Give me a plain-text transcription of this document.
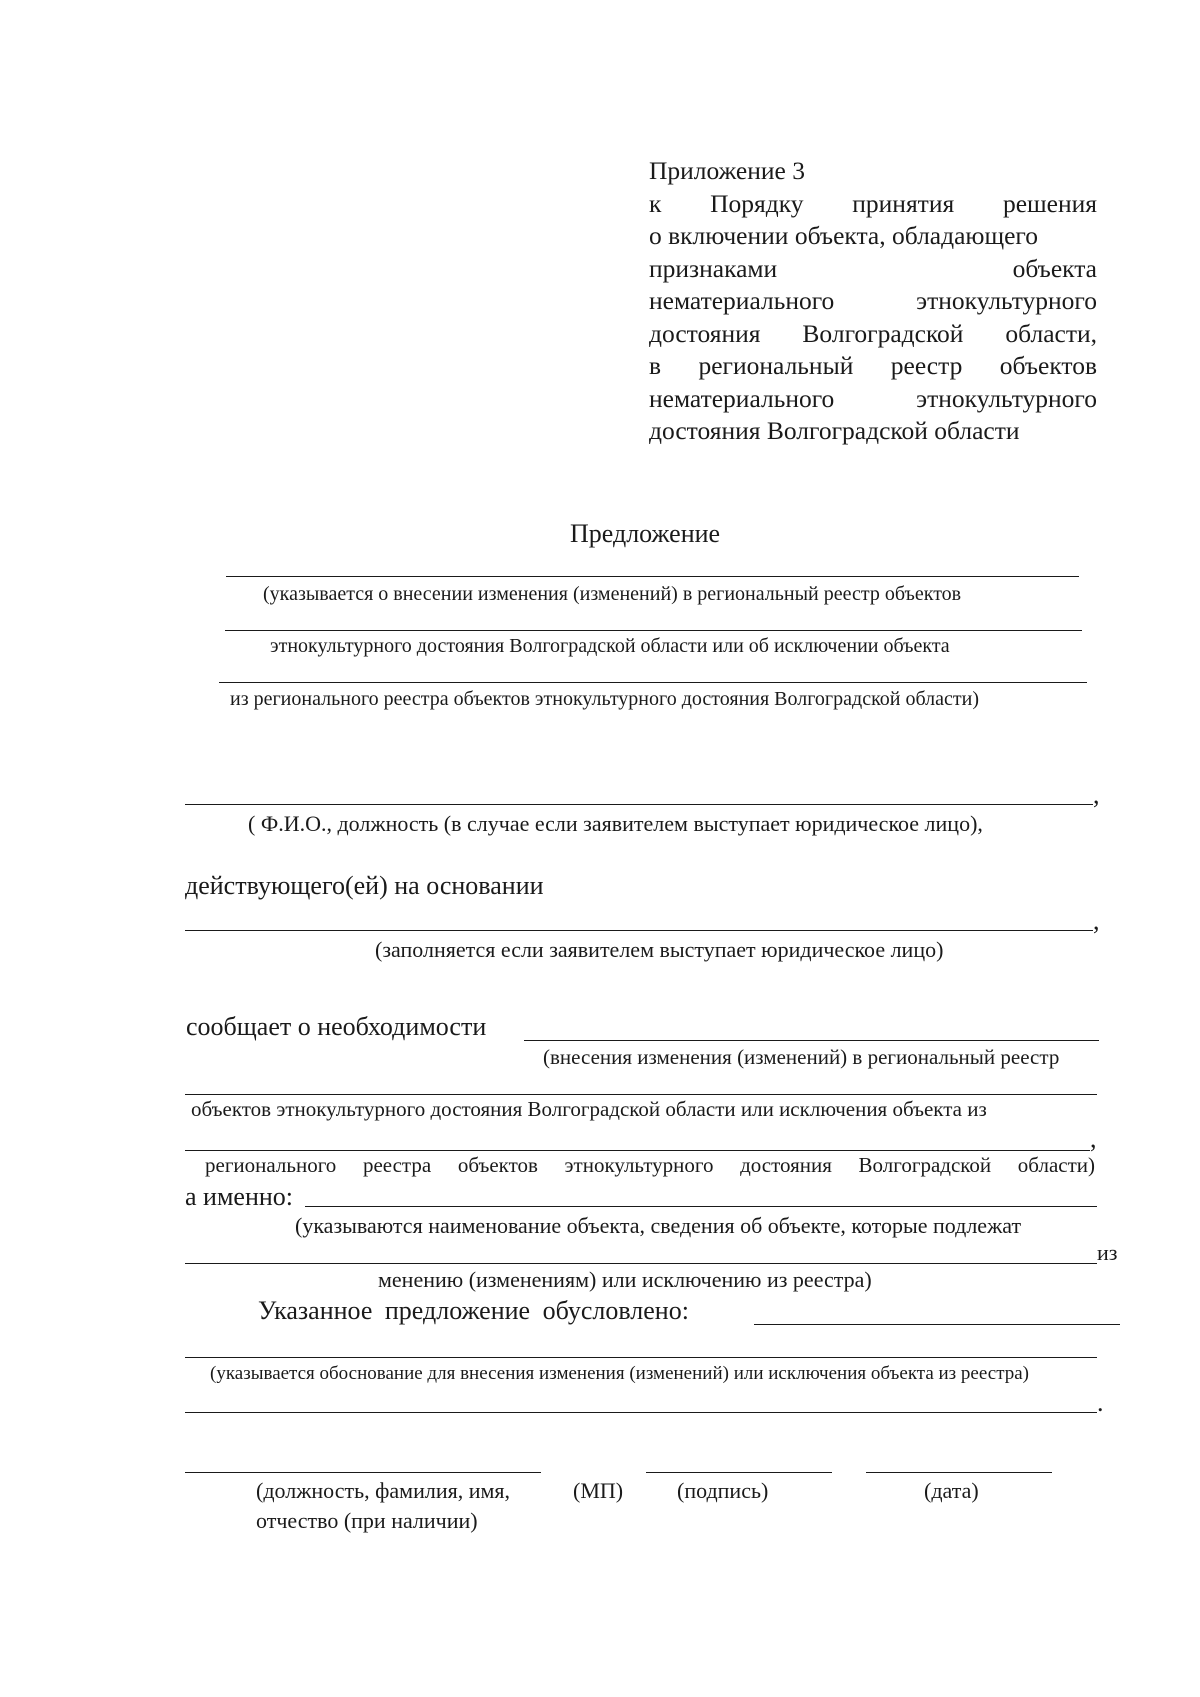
Приложение 3
к Порядку принятия решения
о включении объекта, обладающего
признаками объекта
нематериального этнокультурного
достояния Волгоградской области,
в региональный реестр объектов
нематериального этнокультурного
достояния Волгоградской области
Предложение
(указывается о внесении изменения (изменений) в региональный реестр объектов
этнокультурного достояния Волгоградской области или об исключении объекта
из регионального реестра объектов этнокультурного достояния Волгоградской области)
,
( Ф.И.О., должность (в случае если заявителем выступает юридическое лицо),
действующего(ей) на основании
,
(заполняется если заявителем выступает юридическое лицо)
сообщает о необходимости
(внесения изменения (изменений) в региональный реестр
объектов этнокультурного достояния Волгоградской области или исключения объекта из
,
регионального реестра объектов этнокультурного достояния Волгоградской области)
а именно:
(указываются наименование объекта, сведения об объекте, которые подлежат
из
менению (изменениям) или исключению из реестра)
Указанное предложение обусловлено:
(указывается обоснование для внесения изменения (изменений) или исключения объекта из реестра)
.
(должность, фамилия, имя,
отчество (при наличии)
(МП) (подпись)	(дата)
